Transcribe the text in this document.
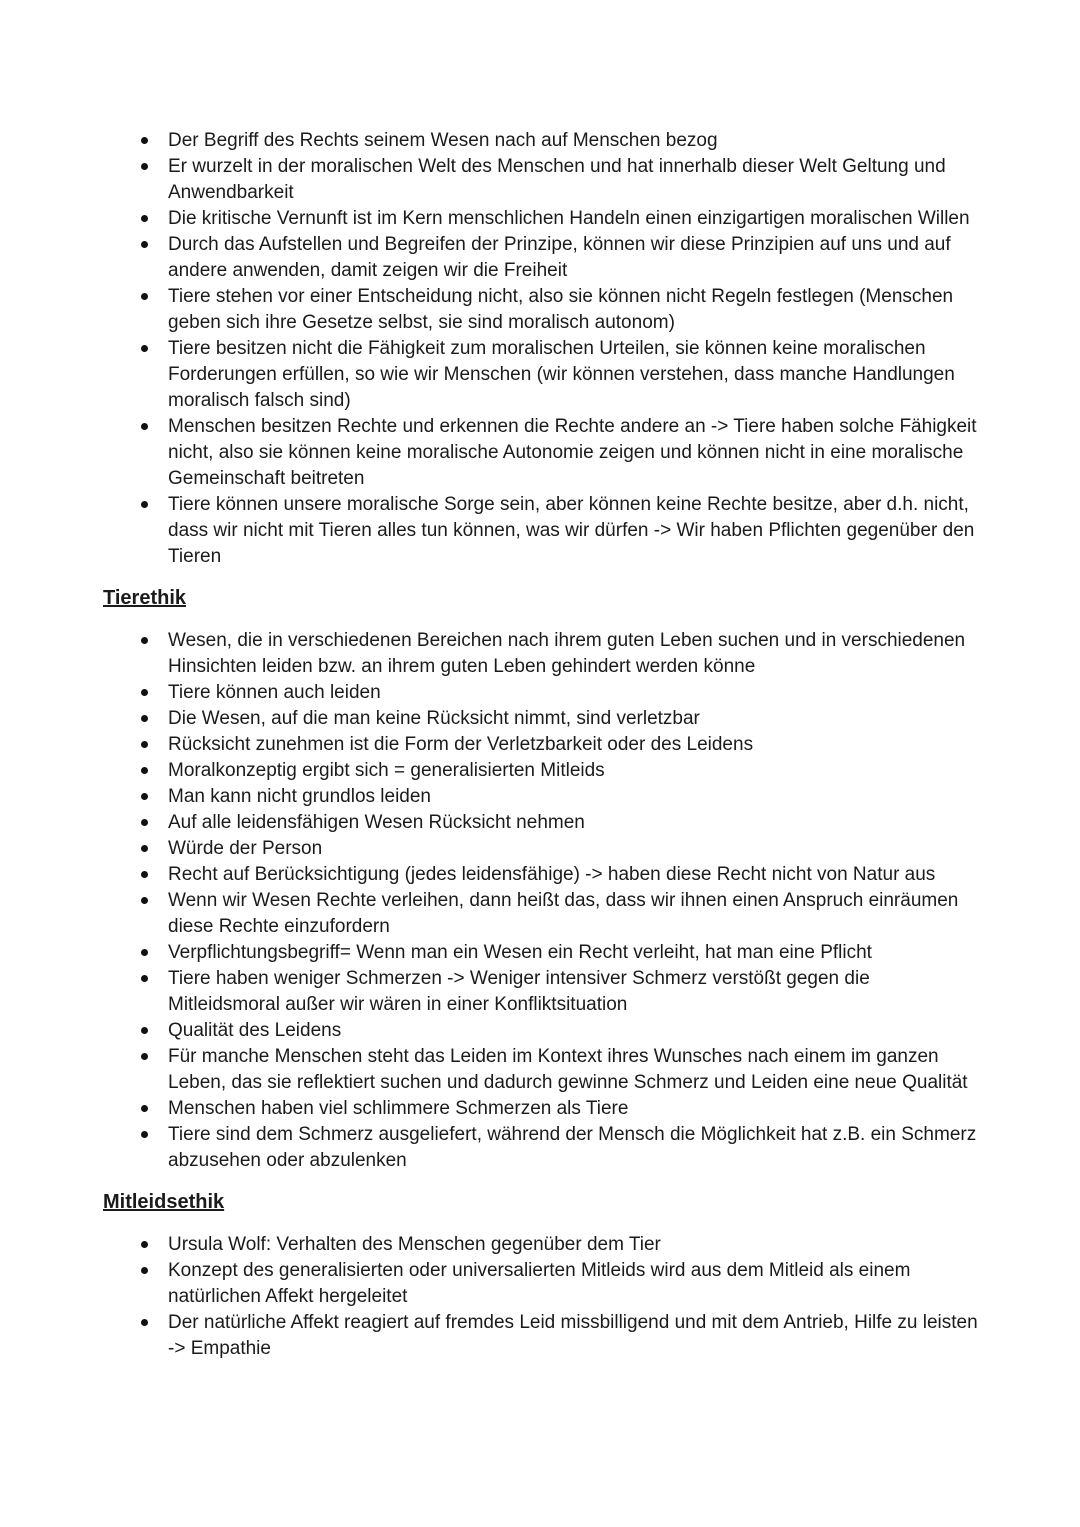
Der Begriff des Rechts seinem Wesen nach auf Menschen bezog
Er wurzelt in der moralischen Welt des Menschen und hat innerhalb dieser Welt Geltung und Anwendbarkeit
Die kritische Vernunft ist im Kern menschlichen Handeln einen einzigartigen moralischen Willen
Durch das Aufstellen und Begreifen der Prinzipe, können wir diese Prinzipien auf uns und auf andere anwenden, damit zeigen wir die Freiheit
Tiere stehen vor einer Entscheidung nicht, also sie können nicht Regeln festlegen (Menschen geben sich ihre Gesetze selbst, sie sind moralisch autonom)
Tiere besitzen nicht die Fähigkeit zum moralischen Urteilen, sie können keine moralischen Forderungen erfüllen, so wie wir Menschen (wir können verstehen, dass manche Handlungen moralisch falsch sind)
Menschen besitzen Rechte und erkennen die Rechte andere an -> Tiere haben solche Fähigkeit nicht, also sie können keine moralische Autonomie zeigen und können nicht in eine moralische Gemeinschaft beitreten
Tiere können unsere moralische Sorge sein, aber können keine Rechte besitze, aber d.h. nicht, dass wir nicht mit Tieren alles tun können, was wir dürfen -> Wir haben Pflichten gegenüber den Tieren
Tierethik
Wesen, die in verschiedenen Bereichen nach ihrem guten Leben suchen und in verschiedenen Hinsichten leiden bzw. an ihrem guten Leben gehindert werden könne
Tiere können auch leiden
Die Wesen, auf die man keine Rücksicht nimmt, sind verletzbar
Rücksicht zunehmen ist die Form der Verletzbarkeit oder des Leidens
Moralkonzeptig ergibt sich = generalisierten Mitleids
Man kann nicht grundlos leiden
Auf alle leidensfähigen Wesen Rücksicht nehmen
Würde der Person
Recht auf Berücksichtigung (jedes leidensfähige) -> haben diese Recht nicht von Natur aus
Wenn wir Wesen Rechte verleihen, dann heißt das, dass wir ihnen einen Anspruch einräumen diese Rechte einzufordern
Verpflichtungsbegriff= Wenn man ein Wesen ein Recht verleiht, hat man eine Pflicht
Tiere haben weniger Schmerzen -> Weniger intensiver Schmerz verstößt gegen die Mitleidsmoral außer wir wären in einer Konfliktsituation
Qualität des Leidens
Für manche Menschen steht das Leiden im Kontext ihres Wunsches nach einem im ganzen Leben, das sie reflektiert suchen und dadurch gewinne Schmerz und Leiden eine neue Qualität
Menschen haben viel schlimmere Schmerzen als Tiere
Tiere sind dem Schmerz ausgeliefert, während der Mensch die Möglichkeit hat z.B. ein Schmerz abzusehen oder abzulenken
Mitleidsethik
Ursula Wolf: Verhalten des Menschen gegenüber dem Tier
Konzept des generalisierten oder universalierten Mitleids wird aus dem Mitleid als einem natürlichen Affekt hergeleitet
Der natürliche Affekt reagiert auf fremdes Leid missbilligend und mit dem Antrieb, Hilfe zu leisten -> Empathie
